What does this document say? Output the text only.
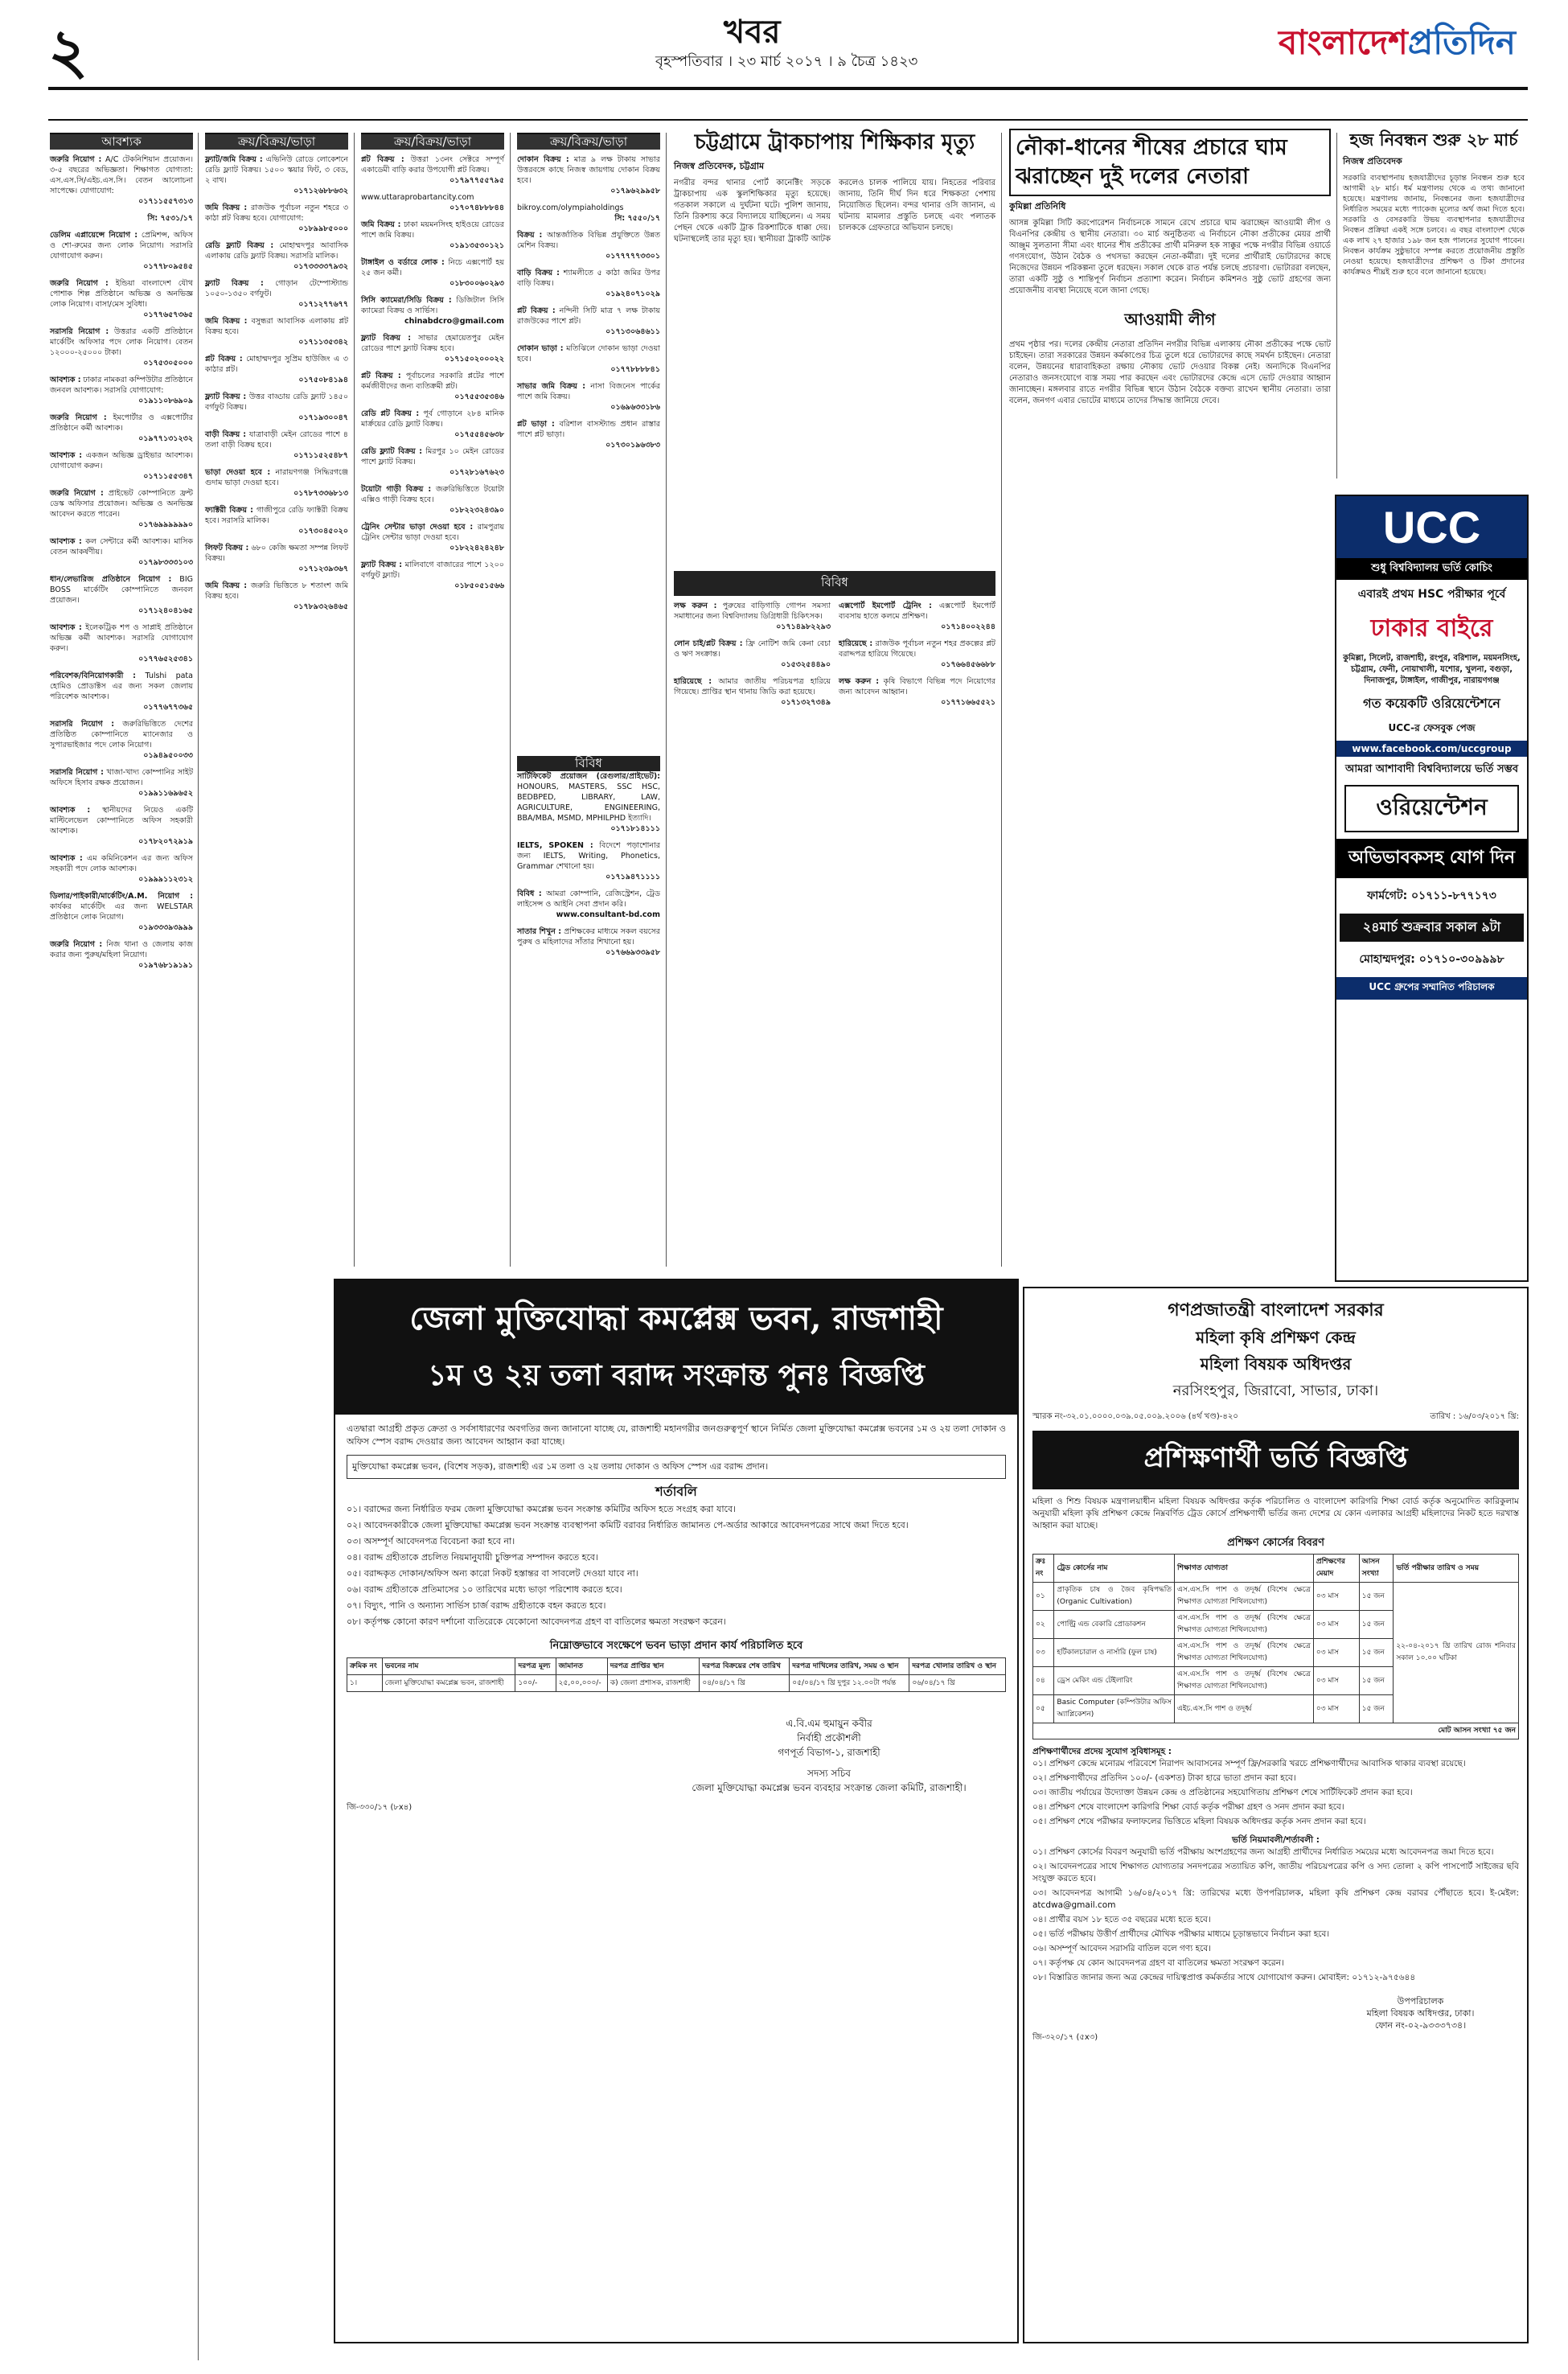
২	খবর
বৃহস্পতিবার । ২৩ মার্চ ২০১৭ । ৯ চৈত্র ১৪২৩	বাংলাদেশপ্রতিদিন
আবশ্যক
জরুরি নিয়োগ : A/C টেকনিশিয়ান প্রয়োজন। ৩-৫ বছরের অভিজ্ঞতা। শিক্ষাগত যোগ্যতা: এস.এস.সি/এইচ.এস.সি। বেতন আলোচনা সাপেক্ষে। যোগাযোগ:
০১৭১১৫৫৭৩১৩
সি: ৭৫৩১/১৭
ডেলিম এপ্লায়েন্সে নিয়োগ : প্রেমিশন্স, অফিস ও শো-রুমের জন্য লোক নিয়োগ। সরাসরি যোগাযোগ করুন।
০১৭৭৮০৯৫৪৫
জরুরি নিয়োগ : ইন্ডিয়া বাংলাদেশ যৌথ পোশাক শিল্প প্রতিষ্ঠানে অভিজ্ঞ ও অনভিজ্ঞ লোক নিয়োগ। বাসা/মেস সুবিধা।
০১৭৭৬৫৭৩৬৫
সরাসরি নিয়োগ : উত্তরার একটি প্রতিষ্ঠানে মার্কেটিং অফিসার পদে লোক নিয়োগ। বেতন ১২০০০-২৫০০০ টাকা।
০১৭৫৩০৫০০০
আবশ্যক : ঢাকার নামকরা কম্পিউটার প্রতিষ্ঠানে জনবল আবশ্যক। সরাসরি যোগাযোগ:
০১৯১১০৮৬৯০৯
জরুরি নিয়োগ : ইমপোর্টার ও এক্সপোর্টার প্রতিষ্ঠানে কর্মী আবশ্যক।
০১৯৭৭১৩১২৩২
আবশ্যক : একজন অভিজ্ঞ ড্রাইভার আবশ্যক। যোগাযোগ করুন।
০১৭১১৫৫৩৪৭
জরুরি নিয়োগ : প্রাইভেট কোম্পানিতে ফ্রন্ট ডেস্ক অফিসার প্রয়োজন। অভিজ্ঞ ও অনভিজ্ঞ আবেদন করতে পারেন।
০১৭৬৯৯৯৯৯৯০
আবশ্যক : কল সেন্টারে কর্মী আবশ্যক। মাসিক বেতন আকর্ষণীয়।
০১৭৯৮৩৩৩১০৩
ধান/লেভারিজ প্রতিষ্ঠানে নিয়োগ : BIG BOSS মার্কেটিং কোম্পানিতে জনবল প্রয়োজন।
০১৭১২৪০৪১৬৫
আবশ্যক : ইলেকট্রিক শপ ও সাপ্লাই প্রতিষ্ঠানে অভিজ্ঞ কর্মী আবশ্যক। সরাসরি যোগাযোগ করুন।
০১৭৭৬৫২৫৩৪১
পরিবেশক/বিনিয়োগকারী : Tulshi pata হোমিও প্রোডাক্টস এর জন্য সকল জেলায় পরিবেশক আবশ্যক।
০১৭৭৬৭৭৩৬৫
সরাসরি নিয়োগ : জরুরিভিত্তিতে দেশের প্রতিষ্ঠিত কোম্পানিতে ম্যানেজার ও সুপারভাইজার পদে লোক নিয়োগ।
০১৯৪৯৫০০৩৩
সরাসরি নিয়োগ : খাজা-খাদ্য কোম্পানির সাইট অফিসে হিসাব রক্ষক প্রয়োজন।
০১৯৯১১৬৯৬৫২
আবশ্যক : স্থানীয়দের নিয়েও একটি মাল্টিলেভেল কোম্পানিতে অফিস সহকারী আবশ্যক।
০১৭৮২০৭২৯১৯
আবশ্যক : এম কমিনিকেশন এর জন্য অফিস সহকারী পদে লোক আবশ্যক।
০১৯৯৯১১২৩১২
ডিলার/পাইকারী/মার্কেটিং/A.M. নিয়োগ : কার্যকর মার্কেটিং এর জন্য WELSTAR প্রতিষ্ঠানে লোক নিয়োগ।
০১৯৩৩৩৯৩৯৯৯
জরুরি নিয়োগ : নিজ থানা ও জেলায় কাজ করার জন্য পুরুষ/মহিলা নিয়োগ।
০১৯৭৬৮১৯১৯১
ক্রয়/বিক্রয়/ভাড়া
ফ্ল্যাট/জমি বিক্রয় : এভিনিউ রোডে লোকেশনে রেডি ফ্ল্যাট বিক্রয়। ১৫০০ স্কয়ার ফিট, ৩ বেড, ২ বাথ।
০১৭১২৬৮৮৬৩২
জমি বিক্রয় : রাজউক পূর্বাচল নতুন শহরে ৩ কাঠা প্লট বিক্রয় হবে। যোগাযোগ:
০১৮৯৯৮৫০০০
রেডি ফ্ল্যাট বিক্রয় : মোহাম্মদপুর আবাসিক এলাকায় রেডি ফ্ল্যাট বিক্রয়। সরাসরি মালিক।
০১৭৩৩৩৩৭৯৩২
ফ্ল্যাট বিক্রয় : গোড়ান টেম্পোস্ট্যান্ড ১০৫০-১৩৫০ বর্গফুট।
০১৭১২৭৭৬৭৭
জমি বিক্রয় : বসুন্ধরা আবাসিক এলাকায় প্লট বিক্রয় হবে।
০১৭১১৩৫৩৪২
প্লট বিক্রয় : মোহাম্মদপুর সুপ্রিম হাউজিং এ ৩ কাঠার প্লট।
০১৭৫০৮৪১৯৪
ফ্ল্যাট বিক্রয় : উত্তর বাড্ডায় রেডি ফ্ল্যাট ১৪৫০ বর্গফুট বিক্রয়।
০১৭১৯৩০০৪৭
বাড়ী বিক্রয় : যাত্রাবাড়ী মেইন রোডের পাশে ৪ তলা বাড়ী বিক্রয় হবে।
০১৭১১৫২৫৪৮৭
ভাড়া দেওয়া হবে : নারায়ণগঞ্জ সিদ্ধিরগঞ্জে গুদাম ভাড়া দেওয়া হবে।
০১৭৮৭৩৩৬৮১৩
ফ্যাক্টরী বিক্রয় : গাজীপুরে রেডি ফ্যাক্টরী বিক্রয় হবে। সরাসরি মালিক।
০১৭৩০৪৫০২০
লিফট বিক্রয় : ৬৮০ কেজি ক্ষমতা সম্পন্ন লিফট বিক্রয়।
০১৭১২৩৯৩৬৭
জমি বিক্রয় : জরুরি ভিত্তিতে ৮ শতাংশ জমি বিক্রয় হবে।
০১৭৮৯৩২৬৪৬৫
ক্রয়/বিক্রয়/ভাড়া
প্লট বিক্রয় : উত্তরা ১৩নং সেক্টরে সম্পূর্ণ একাডেমী বাড়ি করার উপযোগী প্লট বিক্রয়।
০১৭৯৭৭৫৫৭৯৫
www.uttaraprobartancity.com
০১৭০৭৪৮৮৮৪৪
জমি বিক্রয় : ঢাকা ময়মনসিংহ হাইওয়ে রোডের পাশে জমি বিক্রয়।
০১৯১৩৫৩০১২১
টাঙ্গাইল ও বর্ডারে লোক : নিচে এক্সপোর্ট হয় ২৫ জন কর্মী।
০১৮৩০০৬০২৯৩
সিসি ক্যামেরা/সিডি বিক্রয় : ডিজিটাল সিসি ক্যামেরা বিক্রয় ও সার্ভিস।
chinabdcro@gmail.com
ফ্ল্যাট বিক্রয় : সাভার হেমায়েতপুর মেইন রোডের পাশে ফ্ল্যাট বিক্রয় হবে।
০১৭১৫০২০০০২২
প্লট বিক্রয় : পূর্বাচলের সরকারি প্লটের পাশে কর্মজীবীদের জন্য ব্যতিক্রমী প্লট।
০১৭৫৫৩৫৩৪৬
রেডি প্লট বিক্রয় : পূর্ব গোড়ানে ২৮৪ মানিক মার্ক্রয়ের রেডি ফ্ল্যাট বিক্রয়।
০১৭৫৫৪৫৬৩৮
রেডি ফ্ল্যাট বিক্রয় : মিরপুর ১০ মেইন রোডের পাশে ফ্ল্যাট বিক্রয়।
০১৭২৮১৬৭৬২৩
টয়োটা গাড়ী বিক্রয় : জরুরিভিত্তিতে টয়োটা এক্সিও গাড়ী বিক্রয় হবে।
০১৮২২৩২৪৩৯০
ট্রেনিং সেন্টার ভাড়া দেওয়া হবে : রামপুরায় ট্রেনিং সেন্টার ভাড়া দেওয়া হবে।
০১৮২২৪২৪২৪৮
ফ্ল্যাট বিক্রয় : মালিবাগে বাজারের পাশে ১২০০ বর্গফুট ফ্ল্যাট।
০১৮৫০৫১৫৬৬
ক্রয়/বিক্রয়/ভাড়া
দোকান বিক্রয় : মাত্র ৯ লক্ষ টাকায় সাভার উত্তরবঙ্গে কাছে নিজস্ব জায়গায় দোকান বিক্রয় হবে।
০১৭৯৬২৯৯৫৮
bikroy.com/olympiaholdings
সি: ৭৫৫০/১৭
বিক্রয় : আন্তর্জাতিক বিভিন্ন প্রযুক্তিতে উন্নত মেশিন বিক্রয়।
০১৭৭৭৭৭৩৩০১
বাড়ি বিক্রয় : শ্যামলীতে ৫ কাঠা জমির উপর বাড়ি বিক্রয়।
০১৯২৪০৭১০২৯
প্লট বিক্রয় : নন্দিনী সিটি মাত্র ৭ লক্ষ টাকায় রাজউকের পাশে প্লট।
০১৭১৩০৬৪৬১১
দোকান ভাড়া : মতিঝিলে দোকান ভাড়া দেওয়া হবে।
০১৭৭৮৮৮৮৪১
সাভার জমি বিক্রয় : নাসা বিজনেস পার্কের পাশে জমি বিক্রয়।
০১৬৯৬৩৩১৮৬
প্লট ভাড়া : বরিশাল বাসস্ট্যান্ড প্রধান রাস্তার পাশে প্লট ভাড়া।
০১৭৩০১৯৬৩৮৩
বিবিধ
সার্টিফিকেট প্রয়োজন (রেগুলার/প্রাইভেট): HONOURS, MASTERS, SSC HSC, BEDBPED, LIBRARY, LAW, AGRICULTURE, ENGINEERING, BBA/MBA, MSMD, MPHILPHD ইত্যাদি।
০১৭১৮১৪১১১
IELTS, SPOKEN : বিদেশে পড়াশোনার জন্য IELTS, Writing, Phonetics, Grammar শেখানো হয়।
০১৭১৯৪৭১১১১
বিবিধ : আমরা কোম্পানি, রেজিস্ট্রেশন, ট্রেড লাইসেন্স ও আইনি সেবা প্রদান করি।
www.consultant-bd.com
সাতার শিখুন : প্রশিক্ষকের মাধ্যমে সকল বয়সের পুরুষ ও মহিলাদের সাঁতার শিখানো হয়।
০১৭৬৬৯৩৩৯৫৮
চট্টগ্রামে ট্রাকচাপায় শিক্ষিকার মৃত্যু
নিজস্ব প্রতিবেদক, চট্টগ্রাম
নগরীর বন্দর থানার পোর্ট কানেক্টিং সড়কে ট্রাকচাপায় এক স্কুলশিক্ষিকার মৃত্যু হয়েছে। গতকাল সকালে এ দুর্ঘটনা ঘটে। পুলিশ জানায়, তিনি রিকশায় করে বিদ্যালয়ে যাচ্ছিলেন। এ সময় পেছন থেকে একটি ট্রাক রিকশাটিকে ধাক্কা দেয়। ঘটনাস্থলেই তার মৃত্যু হয়। স্থানীয়রা ট্রাকটি আটক করলেও চালক পালিয়ে যায়। নিহতের পরিবার জানায়, তিনি দীর্ঘ দিন ধরে শিক্ষকতা পেশায় নিয়োজিত ছিলেন। বন্দর থানার ওসি জানান, এ ঘটনায় মামলার প্রস্তুতি চলছে এবং পলাতক চালককে গ্রেফতারে অভিযান চলছে।
বিবিধ
লক্ষ করুন : পুরুষের বাড়িগাড়ি গোপন সমস্যা সমাধানের জন্য বিশ্ববিদ্যালয় ডিগ্রিধারী চিকিৎসক।
০১৭১৪৯৮২২৯৩
লোন চাই/প্লট বিক্রয় : ফ্রি নোটিশ জমি কেনা বেচা ও ঋণ সংক্রান্ত।
০১৫৩২৫৪৪৯০
হারিয়েছে : আমার জাতীয় পরিচয়পত্র হারিয়ে গিয়েছে। প্রাপ্তির স্থান থানায় জিডি করা হয়েছে।
০১৭১৩২৭৩৪৯
এক্সপোর্ট ইমপোর্ট ট্রেনিং : এক্সপোর্ট ইমপোর্ট ব্যবসায় হাতে কলমে প্রশিক্ষণ।
০১৭১৪০০২২৪৪
হারিয়েছে : রাজউক পূর্বাচল নতুন শহর প্রকল্পের প্লট বরাদ্দপত্র হারিয়ে গিয়েছে।
০১৭৬৬৪৫৬৬৮৮
লক্ষ করুন : কৃষি বিভাগে বিভিন্ন পদে নিয়োগের জন্য আবেদন আহ্বান।
০১৭৭১৬৬৫৫২১
নৌকা-ধানের শীষের প্রচারে ঘাম
ঝরাচ্ছেন দুই দলের নেতারা
কুমিল্লা প্রতিনিধি
আসন্ন কুমিল্লা সিটি করপোরেশন নির্বাচনকে সামনে রেখে প্রচারে ঘাম ঝরাচ্ছেন আওয়ামী লীগ ও বিএনপির কেন্দ্রীয় ও স্থানীয় নেতারা। ৩০ মার্চ অনুষ্ঠিতব্য এ নির্বাচনে নৌকা প্রতীকের মেয়র প্রার্থী আঞ্জুম সুলতানা সীমা এবং ধানের শীষ প্রতীকের প্রার্থী মনিরুল হক সাক্কুর পক্ষে নগরীর বিভিন্ন ওয়ার্ডে গণসংযোগ, উঠান বৈঠক ও পথসভা করছেন নেতা-কর্মীরা। দুই দলের প্রার্থীরাই ভোটারদের কাছে নিজেদের উন্নয়ন পরিকল্পনা তুলে ধরছেন। সকাল থেকে রাত পর্যন্ত চলছে প্রচারণা। ভোটাররা বলছেন, তারা একটি সুষ্ঠু ও শান্তিপূর্ণ নির্বাচন প্রত্যাশা করেন। নির্বাচন কমিশনও সুষ্ঠু ভোট গ্রহণের জন্য প্রয়োজনীয় ব্যবস্থা নিয়েছে বলে জানা গেছে।
আওয়ামী লীগ
প্রথম পৃষ্ঠার পর। দলের কেন্দ্রীয় নেতারা প্রতিদিন নগরীর বিভিন্ন এলাকায় নৌকা প্রতীকের পক্ষে ভোট চাইছেন। তারা সরকারের উন্নয়ন কর্মকাণ্ডের চিত্র তুলে ধরে ভোটারদের কাছে সমর্থন চাইছেন। নেতারা বলেন, উন্নয়নের ধারাবাহিকতা রক্ষায় নৌকায় ভোট দেওয়ার বিকল্প নেই। অন্যদিকে বিএনপির নেতারাও জনসংযোগে ব্যস্ত সময় পার করছেন এবং ভোটারদের কেন্দ্রে এসে ভোট দেওয়ার আহ্বান জানাচ্ছেন। মঙ্গলবার রাতে নগরীর বিভিন্ন স্থানে উঠান বৈঠকে বক্তব্য রাখেন স্থানীয় নেতারা। তারা বলেন, জনগণ এবার ভোটের মাধ্যমে তাদের সিদ্ধান্ত জানিয়ে দেবে।
হজ নিবন্ধন শুরু ২৮ মার্চ
নিজস্ব প্রতিবেদক
সরকারি ব্যবস্থাপনায় হজযাত্রীদের চূড়ান্ত নিবন্ধন শুরু হবে আগামী ২৮ মার্চ। ধর্ম মন্ত্রণালয় থেকে এ তথ্য জানানো হয়েছে। মন্ত্রণালয় জানায়, নিবন্ধনের জন্য হজযাত্রীদের নির্ধারিত সময়ের মধ্যে প্যাকেজ মূল্যের অর্থ জমা দিতে হবে। সরকারি ও বেসরকারি উভয় ব্যবস্থাপনার হজযাত্রীদের নিবন্ধন প্রক্রিয়া একই সঙ্গে চলবে। এ বছর বাংলাদেশ থেকে এক লাখ ২৭ হাজার ১৯৮ জন হজ পালনের সুযোগ পাবেন। নিবন্ধন কার্যক্রম সুষ্ঠুভাবে সম্পন্ন করতে প্রয়োজনীয় প্রস্তুতি নেওয়া হয়েছে। হজযাত্রীদের প্রশিক্ষণ ও টিকা প্রদানের কার্যক্রমও শীঘ্রই শুরু হবে বলে জানানো হয়েছে।
UCC
শুধু বিশ্ববিদ্যালয় ভর্তি কোচিং
এবারই প্রথম HSC পরীক্ষার পূর্বে
ঢাকার বাইরে
কুমিল্লা, সিলেট, রাজশাহী, রংপুর, বরিশাল, ময়মনসিংহ, চট্টগ্রাম, ফেনী, নোয়াখালী, যশোর, খুলনা, বগুড়া, দিনাজপুর, টাঙ্গাইল, গাজীপুর, নারায়ণগঞ্জ
গত কয়েকটি ওরিয়েন্টেশনে
UCC-র ফেসবুক পেজ
www.facebook.com/uccgroup
আমরা আশাবাদী বিশ্ববিদ্যালয়ে ভর্তি সম্ভব
ওরিয়েন্টেশন
অভিভাবকসহ যোগ দিন
ফার্মগেট: ০১৭১১-৮৭৭১৭৩
২৪মার্চ শুক্রবার সকাল ৯টা
মোহাম্মদপুর: ০১৭১০-৩০৯৯৯৮
UCC গ্রুপের সম্মানিত পরিচালক
জেলা মুক্তিযোদ্ধা কমপ্লেক্স ভবন, রাজশাহী
১ম ও ২য় তলা বরাদ্দ সংক্রান্ত পুনঃ বিজ্ঞপ্তি
এতদ্বারা আগ্রহী প্রকৃত ক্রেতা ও সর্বসাধারণের অবগতির জন্য জানানো যাচ্ছে যে, রাজশাহী মহানগরীর জনগুরুত্বপূর্ণ স্থানে নির্মিত জেলা মুক্তিযোদ্ধা কমপ্লেক্স ভবনের ১ম ও ২য় তলা দোকান ও অফিস স্পেস বরাদ্দ দেওয়ার জন্য আবেদন আহ্বান করা যাচ্ছে।
মুক্তিযোদ্ধা কমপ্লেক্স ভবন, (বিশেষ সড়ক), রাজশাহী এর ১ম তলা ও ২য় তলায় দোকান ও অফিস স্পেস এর বরাদ্দ প্রদান।
শর্তাবলি
০১। বরাদ্দের জন্য নির্ধারিত ফরম জেলা মুক্তিযোদ্ধা কমপ্লেক্স ভবন সংক্রান্ত কমিটির অফিস হতে সংগ্রহ করা যাবে।
০২। আবেদনকারীকে জেলা মুক্তিযোদ্ধা কমপ্লেক্স ভবন সংক্রান্ত ব্যবস্থাপনা কমিটি বরাবর নির্ধারিত জামানত পে-অর্ডার আকারে আবেদনপত্রের সাথে জমা দিতে হবে।
০৩। অসম্পূর্ণ আবেদনপত্র বিবেচনা করা হবে না।
০৪। বরাদ্দ গ্রহীতাকে প্রচলিত নিয়মানুযায়ী চুক্তিপত্র সম্পাদন করতে হবে।
০৫। বরাদ্দকৃত দোকান/অফিস অন্য কারো নিকট হস্তান্তর বা সাবলেট দেওয়া যাবে না।
০৬। বরাদ্দ গ্রহীতাকে প্রতিমাসের ১০ তারিখের মধ্যে ভাড়া পরিশোধ করতে হবে।
০৭। বিদ্যুৎ, পানি ও অন্যান্য সার্ভিস চার্জ বরাদ্দ গ্রহীতাকে বহন করতে হবে।
০৮। কর্তৃপক্ষ কোনো কারণ দর্শানো ব্যতিরেকে যেকোনো আবেদনপত্র গ্রহণ বা বাতিলের ক্ষমতা সংরক্ষণ করেন।
নিম্নোক্তভাবে সংক্ষেপে ভবন ভাড়া প্রদান কার্য পরিচালিত হবে
ক্রমিক নং	ভবনের নাম	দরপত্র মূল্য	জামানত	দরপত্র প্রাপ্তির স্থান	দরপত্র বিক্রয়ের শেষ তারিখ	দরপত্র দাখিলের তারিখ, সময় ও স্থান	দরপত্র খোলার তারিখ ও স্থান
১।	জেলা মুক্তিযোদ্ধা কমপ্লেক্স ভবন, রাজশাহী	১০০/-	২৫,০০,০০০/-	ক) জেলা প্রশাসক, রাজশাহী	০৪/০৪/১৭ খ্রি	০৫/০৪/১৭ খ্রি দুপুর ১২.০০টা পর্যন্ত	০৬/০৪/১৭ খ্রি
এ.বি.এম হুমায়ুন কবীর
নির্বাহী প্রকৌশলী
গণপূর্ত বিভাগ-১, রাজশাহী
সদস্য সচিব
জেলা মুক্তিযোদ্ধা কমপ্লেক্স ভবন ব্যবহার সংক্রান্ত জেলা কমিটি, রাজশাহী।
জি-৩৩০/১৭ (৮x৪)
গণপ্রজাতন্ত্রী বাংলাদেশ সরকার
মহিলা কৃষি প্রশিক্ষণ কেন্দ্র
মহিলা বিষয়ক অধিদপ্তর
নরসিংহপুর, জিরাবো, সাভার, ঢাকা।
স্মারক নং-৩২.০১.০০০০.০৩৯.০৫.০০৯.২০০৬ (৪র্থ খণ্ড)-৪২০	তারিখ : ১৬/০৩/২০১৭ খ্রি:
প্রশিক্ষণার্থী ভর্তি বিজ্ঞপ্তি
মহিলা ও শিশু বিষয়ক মন্ত্রণালয়াধীন মহিলা বিষয়ক অধিদপ্তর কর্তৃক পরিচালিত ও বাংলাদেশ কারিগরি শিক্ষা বোর্ড কর্তৃক অনুমোদিত কারিকুলাম অনুযায়ী মহিলা কৃষি প্রশিক্ষণ কেন্দ্রে নিম্নবর্ণিত ট্রেড কোর্সে প্রশিক্ষণার্থী ভর্তির জন্য দেশের যে কোন এলাকার আগ্রহী মহিলাদের নিকট হতে দরখাস্ত আহ্বান করা যাচ্ছে।
প্রশিক্ষণ কোর্সের বিবরণ
ক্রঃ নং	ট্রেড কোর্সের নাম	শিক্ষাগত যোগ্যতা	প্রশিক্ষণের মেয়াদ	আসন সংখ্যা	ভর্তি পরীক্ষার তারিখ ও সময়
০১	প্রাকৃতিক চাষ ও জৈব কৃষিপদ্ধতি (Organic Cultivation)	এস.এস.সি পাশ ও তদূর্ধ্ব (বিশেষ ক্ষেত্রে শিক্ষাগত যোগ্যতা শিথিলযোগ্য)	০৩ মাস	১৫ জন	২২-০৪-২০১৭ খ্রি তারিখ রোজ শনিবার সকাল ১০.০০ ঘটিকা
০২	পোল্ট্রি এন্ড বেকারি প্রোডাকশন	এস.এস.সি পাশ ও তদূর্ধ্ব (বিশেষ ক্ষেত্রে শিক্ষাগত যোগ্যতা শিথিলযোগ্য)	০৩ মাস	১৫ জন	
০৩	হর্টিকালচারাল ও নার্সারি (ফুল চাষ)	এস.এস.সি পাশ ও তদূর্ধ্ব (বিশেষ ক্ষেত্রে শিক্ষাগত যোগ্যতা শিথিলযোগ্য)	০৩ মাস	১৫ জন	
০৪	ড্রেস মেকিং এন্ড টেইলারিং	এস.এস.সি পাশ ও তদূর্ধ্ব (বিশেষ ক্ষেত্রে শিক্ষাগত যোগ্যতা শিথিলযোগ্য)	০৩ মাস	১৫ জন	
০৫	Basic Computer (কম্পিউটার অফিস অ্যাপ্লিকেশন)	এইচ.এস.সি পাশ ও তদূর্ধ্ব	০৩ মাস	১৫ জন	
মোট আসন সংখ্যা ৭৫ জন					
প্রশিক্ষণার্থীদের প্রদেয় সুযোগ সুবিধাসমূহ :
০১। প্রশিক্ষণ কেন্দ্রে মনোরম পরিবেশে নিরাপদ আবাসনের সম্পূর্ণ ফ্রি/সরকারি খরচে প্রশিক্ষণার্থীদের আবাসিক থাকার ব্যবস্থা রয়েছে।
০২। প্রশিক্ষণার্থীদের প্রতিদিন ১০০/- (একশত) টাকা হারে ভাতা প্রদান করা হবে।
০৩। জাতীয় পর্যায়ের উদ্যোক্তা উন্নয়ন কেন্দ্র ও প্রতিষ্ঠানের সহযোগিতায় প্রশিক্ষণ শেষে সার্টিফিকেট প্রদান করা হবে।
০৪। প্রশিক্ষণ শেষে বাংলাদেশ কারিগরি শিক্ষা বোর্ড কর্তৃক পরীক্ষা গ্রহণ ও সনদ প্রদান করা হবে।
০৫। প্রশিক্ষণ শেষে পরীক্ষার ফলাফলের ভিত্তিতে মহিলা বিষয়ক অধিদপ্তর কর্তৃক সনদ প্রদান করা হবে।
ভর্তি নিয়মাবলী/শর্তাবলী :
০১। প্রশিক্ষণ কোর্সের বিবরণ অনুযায়ী ভর্তি পরীক্ষায় অংশগ্রহণের জন্য আগ্রহী প্রার্থীদের নির্ধারিত সময়ের মধ্যে আবেদনপত্র জমা দিতে হবে।
০২। আবেদনপত্রের সাথে শিক্ষাগত যোগ্যতার সনদপত্রের সত্যায়িত কপি, জাতীয় পরিচয়পত্রের কপি ও সদ্য তোলা ২ কপি পাসপোর্ট সাইজের ছবি সংযুক্ত করতে হবে।
০৩। আবেদনপত্র আগামী ১৬/০৪/২০১৭ খ্রি: তারিখের মধ্যে উপপরিচালক, মহিলা কৃষি প্রশিক্ষণ কেন্দ্র বরাবর পৌঁছাতে হবে। ই-মেইল: atcdwa@gmail.com
০৪। প্রার্থীর বয়স ১৮ হতে ৩৫ বছরের মধ্যে হতে হবে।
০৫। ভর্তি পরীক্ষায় উত্তীর্ণ প্রার্থীদের মৌখিক পরীক্ষার মাধ্যমে চূড়ান্তভাবে নির্বাচন করা হবে।
০৬। অসম্পূর্ণ আবেদন সরাসরি বাতিল বলে গণ্য হবে।
০৭। কর্তৃপক্ষ যে কোন আবেদনপত্র গ্রহণ বা বাতিলের ক্ষমতা সংরক্ষণ করেন।
০৮। বিস্তারিত জানার জন্য অত্র কেন্দ্রের দায়িত্বপ্রাপ্ত কর্মকর্তার সাথে যোগাযোগ করুন। মোবাইল: ০১৭১২-৯৭৫৬৪৪
উপপরিচালক
মহিলা বিষয়ক অধিদপ্তর, ঢাকা।
ফোন নং-০২-৯৩৩৩৭৩৪।
জি-৩২০/১৭ (৫x৩)
